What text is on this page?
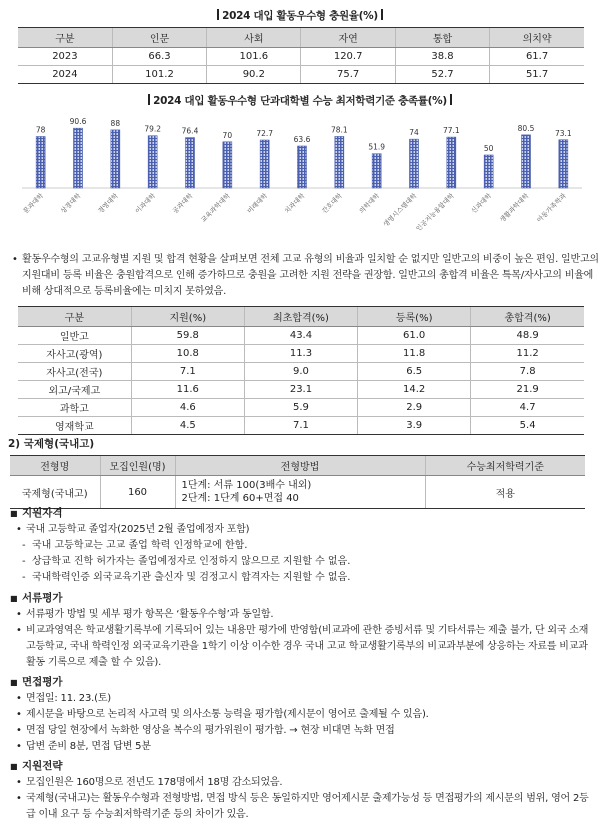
2024 대입 활동우수형 충원율(%)
구분	인문	사회	자연	통합	의치약
2023	66.3	101.6	120.7	38.8	61.7
2024	101.2	90.2	75.7	52.7	51.7
2024 대입 활동우수형 단과대학별 수능 최저학력기준 충족률(%)
78
문과대학
90.6
상경대학
88
경영대학
79.2
이과대학
76.4
공과대학
70
교육과학대학
72.7
미래대학
63.6
치과대학
78.1
간호대학
51.9
의학대학
74
생명시스템대학
77.1
인공지능융합대학
50
신과대학
80.5
생활과학대학
73.1
아동가족학과
• 활동우수형의 고교유형별 지원 및 합격 현황을 살펴보면 전체 고교 유형의 비율과 일치할 순 없지만 일반고의 비중이 높은 편임. 일반고의 지원대비 등록 비율은 충원합격으로 인해 증가하므로 충원을 고려한 지원 전략을 권장함. 일반고의 총합격 비율은 특목/자사고의 비율에 비해 상대적으로 등록비율에는 미치지 못하였음.
구분	지원(%)	최초합격(%)	등록(%)	총합격(%)
일반고	59.8	43.4	61.0	48.9
자사고(광역)	10.8	11.3	11.8	11.2
자사고(전국)	7.1	9.0	6.5	7.8
외고/국제고	11.6	23.1	14.2	21.9
과학고	4.6	5.9	2.9	4.7
영재학교	4.5	7.1	3.9	5.4
2) 국제형(국내고)
전형명	모집인원(명)	전형방법	수능최저학력기준
국제형(국내고)	160	1단계: 서류 100(3배수 내외)
2단계: 1단계 60+면접 40	적용
■ 지원자격
• 국내 고등학교 졸업자(2025년 2월 졸업예정자 포함)
- 국내 고등학교는 고교 졸업 학력 인정학교에 한함.
- 상급학교 진학 허가자는 졸업예정자로 인정하지 않으므로 지원할 수 없음.
- 국내학력인증 외국교육기관 출신자 및 검정고시 합격자는 지원할 수 없음.
■ 서류평가
• 서류평가 방법 및 세부 평가 항목은 ‘활동우수형’과 동일함.
• 비교과영역은 학교생활기록부에 기록되어 있는 내용만 평가에 반영함(비교과에 관한 증빙서류 및 기타서류는 제출 불가, 단 외국 소재 고등학교, 국내 학력인정 외국교육기관을 1학기 이상 이수한 경우 국내 고교 학교생활기록부의 비교과부분에 상응하는 자료를 비교과활동 기록으로 제출 할 수 있음).
■ 면접평가
• 면접일: 11. 23.(토)
• 제시문을 바탕으로 논리적 사고력 및 의사소통 능력을 평가함(제시문이 영어로 출제될 수 있음).
• 면접 당일 현장에서 녹화한 영상을 복수의 평가위원이 평가함. → 현장 비대면 녹화 면접
• 답변 준비 8분, 면접 답변 5분
■ 지원전략
• 모집인원은 160명으로 전년도 178명에서 18명 감소되었음.
• 국제형(국내고)는 활동우수형과 전형방법, 면접 방식 등은 동일하지만 영어제시문 출제가능성 등 면접평가의 제시문의 범위, 영어 2등급 이내 요구 등 수능최저학력기준 등의 차이가 있음.
